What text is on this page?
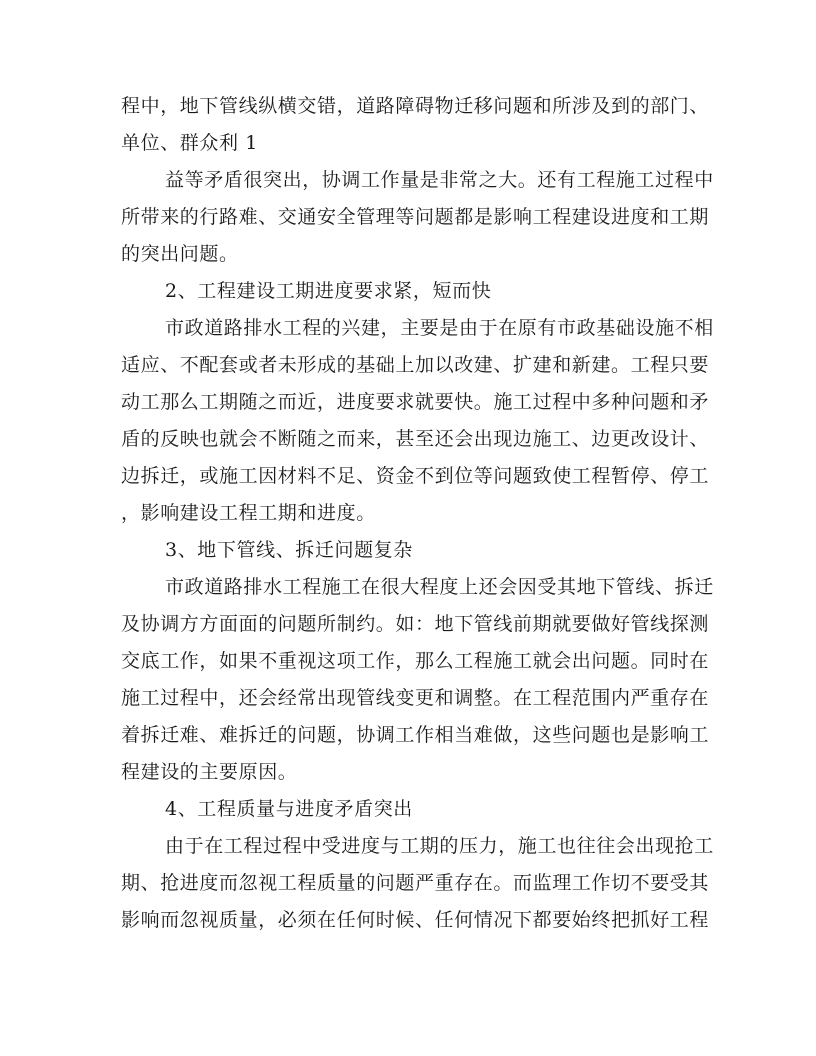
程中，地下管线纵横交错，道路障碍物迁移问题和所涉及到的部门、
单位、群众利 1
益等矛盾很突出，协调工作量是非常之大。还有工程施工过程中
所带来的行路难、交通安全管理等问题都是影响工程建设进度和工期
的突出问题。
2、工程建设工期进度要求紧，短而快
市政道路排水工程的兴建，主要是由于在原有市政基础设施不相
适应、不配套或者未形成的基础上加以改建、扩建和新建。工程只要
动工那么工期随之而近，进度要求就要快。施工过程中多种问题和矛
盾的反映也就会不断随之而来，甚至还会出现边施工、边更改设计、
边拆迁，或施工因材料不足、资金不到位等问题致使工程暂停、停工
，影响建设工程工期和进度。
3、地下管线、拆迁问题复杂
市政道路排水工程施工在很大程度上还会因受其地下管线、拆迁
及协调方方面面的问题所制约。如：地下管线前期就要做好管线探测
交底工作，如果不重视这项工作，那么工程施工就会出问题。同时在
施工过程中，还会经常出现管线变更和调整。在工程范围内严重存在
着拆迁难、难拆迁的问题，协调工作相当难做，这些问题也是影响工
程建设的主要原因。
4、工程质量与进度矛盾突出
由于在工程过程中受进度与工期的压力，施工也往往会出现抢工
期、抢进度而忽视工程质量的问题严重存在。而监理工作切不要受其
影响而忽视质量，必须在任何时候、任何情况下都要始终把抓好工程
